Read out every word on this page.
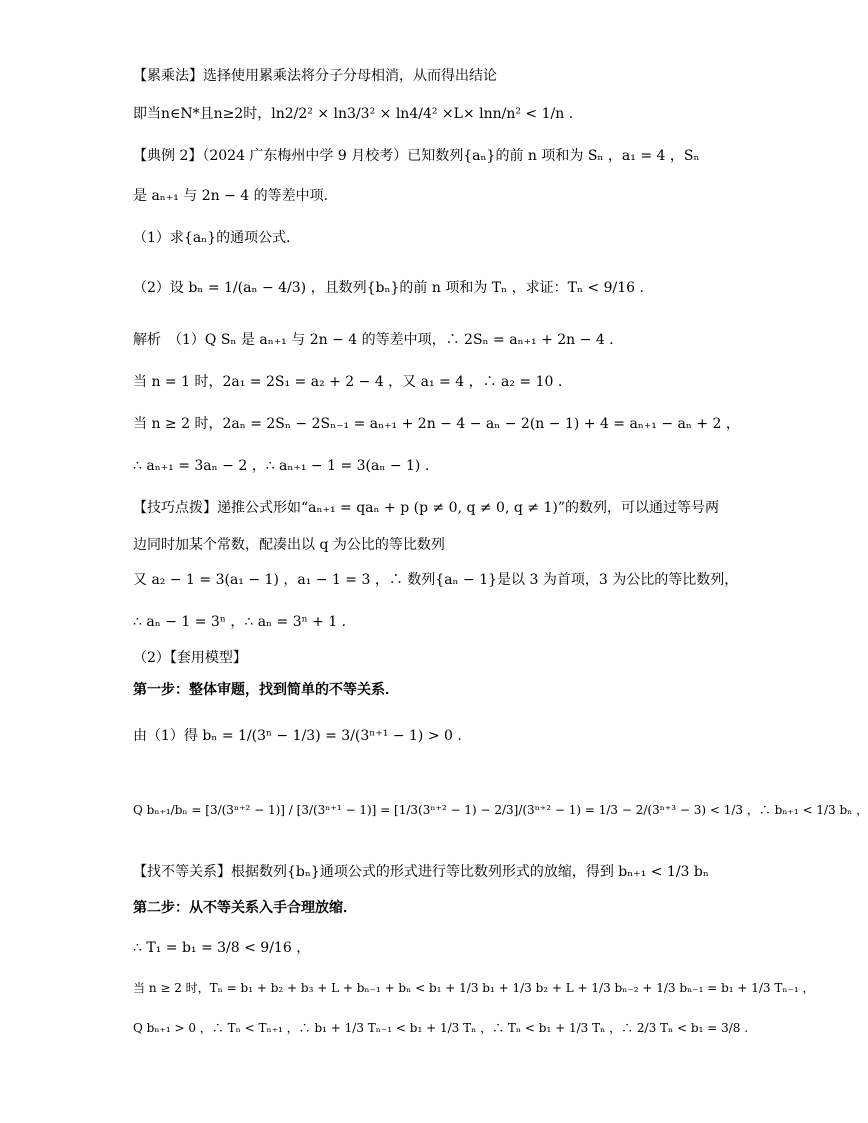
【累乘法】选择使用累乘法将分子分母相消，从而得出结论
即当n∈N*且n≥2时，ln2/2² × ln3/3² × ln4/4² ×L× lnn/n² < 1/n .
【典例 2】（2024 广东梅州中学 9 月校考）已知数列{aₙ}的前 n 项和为 Sₙ ，a₁ = 4 ，Sₙ
是 aₙ₊₁ 与 2n − 4 的等差中项．
（1）求{aₙ}的通项公式．
（2）设 bₙ = 1/(aₙ − 4/3) ，且数列{bₙ}的前 n 项和为 Tₙ ，求证：Tₙ < 9/16 .
解析　（1）Q Sₙ 是 aₙ₊₁ 与 2n − 4 的等差中项，∴ 2Sₙ = aₙ₊₁ + 2n − 4 .
当 n = 1 时，2a₁ = 2S₁ = a₂ + 2 − 4 ，又 a₁ = 4 ，∴ a₂ = 10 .
当 n ≥ 2 时，2aₙ = 2Sₙ − 2Sₙ₋₁ = aₙ₊₁ + 2n − 4 − aₙ − 2(n − 1) + 4 = aₙ₊₁ − aₙ + 2 ，
∴ aₙ₊₁ = 3aₙ − 2 ，∴ aₙ₊₁ − 1 = 3(aₙ − 1) .
【技巧点拨】递推公式形如“aₙ₊₁ = qaₙ + p (p ≠ 0, q ≠ 0, q ≠ 1)”的数列，可以通过等号两
边同时加某个常数，配凑出以 q 为公比的等比数列
又 a₂ − 1 = 3(a₁ − 1) ，a₁ − 1 = 3 ，∴ 数列{aₙ − 1}是以 3 为首项，3 为公比的等比数列，
∴ aₙ − 1 = 3ⁿ ，∴ aₙ = 3ⁿ + 1 .
（2）【套用模型】
第一步：整体审题，找到简单的不等关系．
由（1）得 bₙ = 1/(3ⁿ − 1/3) = 3/(3ⁿ⁺¹ − 1) > 0 .
Q bₙ₊₁/bₙ = [3/(3ⁿ⁺² − 1)] / [3/(3ⁿ⁺¹ − 1)] = [1/3(3ⁿ⁺² − 1) − 2/3]/(3ⁿ⁺² − 1) = 1/3 − 2/(3ⁿ⁺³ − 3) < 1/3 ，∴ bₙ₊₁ < 1/3 bₙ ，
【找不等关系】根据数列{bₙ}通项公式的形式进行等比数列形式的放缩，得到 bₙ₊₁ < 1/3 bₙ
第二步：从不等关系入手合理放缩．
∴ T₁ = b₁ = 3/8 < 9/16 ，
当 n ≥ 2 时，Tₙ = b₁ + b₂ + b₃ + L + bₙ₋₁ + bₙ < b₁ + 1/3 b₁ + 1/3 b₂ + L + 1/3 bₙ₋₂ + 1/3 bₙ₋₁ = b₁ + 1/3 Tₙ₋₁ ，
Q bₙ₊₁ > 0 ，∴ Tₙ < Tₙ₊₁ ，∴ b₁ + 1/3 Tₙ₋₁ < b₁ + 1/3 Tₙ ，∴ Tₙ < b₁ + 1/3 Tₙ ，∴ 2/3 Tₙ < b₁ = 3/8 .
